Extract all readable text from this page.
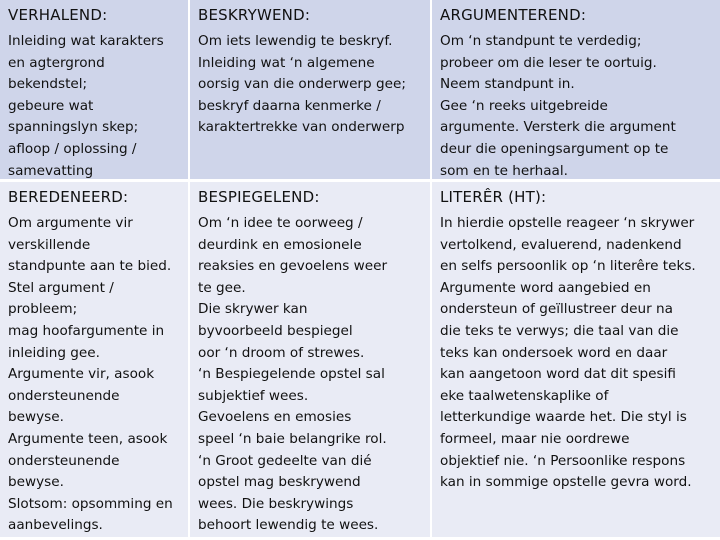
VERHALEND:
Inleiding wat karakters
en agtergrond
bekendstel;
gebeure wat
spanningslyn skep;
afloop / oplossing /
samevatting
BESKRYWEND:
Om iets lewendig te beskryf.
Inleiding wat ‘n algemene
oorsig van die onderwerp gee;
beskryf daarna kenmerke /
karaktertrekke van onderwerp
ARGUMENTEREND:
Om ‘n standpunt te verdedig;
probeer om die leser te oortuig.
Neem standpunt in.
Gee ‘n reeks uitgebreide
argumente. Versterk die argument
deur die openingsargument op te
som en te herhaal.
BEREDENEERD:
Om argumente vir
verskillende
standpunte aan te bied.
Stel argument /
probleem;
mag hoofargumente in
inleiding gee.
Argumente vir, asook
ondersteunende
bewyse.
Argumente teen, asook
ondersteunende
bewyse.
Slotsom: opsomming en
aanbevelings.
BESPIEGELEND:
Om ‘n idee te oorweeg /
deurdink en emosionele
reaksies en gevoelens weer
te gee.
Die skrywer kan
byvoorbeeld bespiegel
oor ‘n droom of strewes.
‘n Bespiegelende opstel sal
subjektief wees.
Gevoelens en emosies
speel ‘n baie belangrike rol.
‘n Groot gedeelte van dié
opstel mag beskrywend
wees. Die beskrywings
behoort lewendig te wees.
LITERÊR (HT):
In hierdie opstelle reageer ‘n skrywer
vertolkend, evaluerend, nadenkend
en selfs persoonlik op ‘n literêre teks.
Argumente word aangebied en
ondersteun of geïllustreer deur na
die teks te verwys; die taal van die
teks kan ondersoek word en daar
kan aangetoon word dat dit spesifi
eke taalwetenskaplike of
letterkundige waarde het. Die styl is
formeel, maar nie oordrewe
objektief nie. ‘n Persoonlike respons
kan in sommige opstelle gevra word.
